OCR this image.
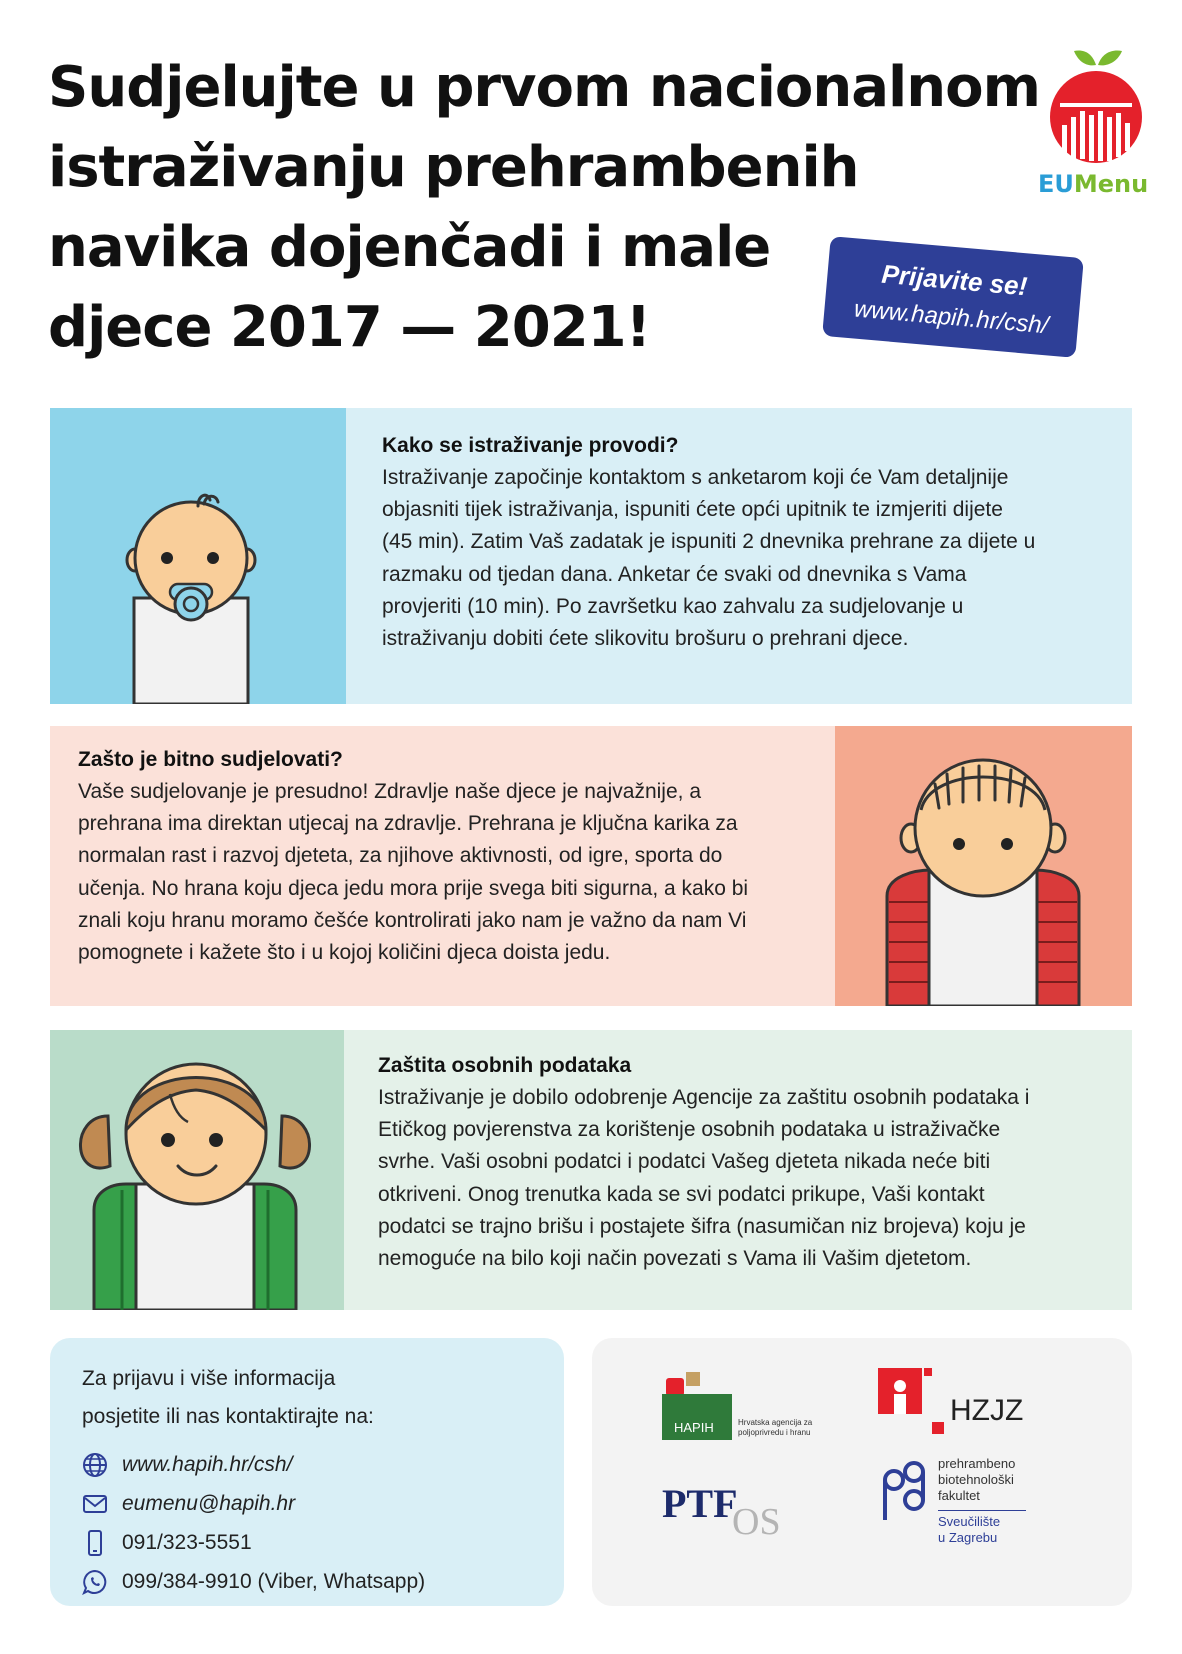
Sudjelujte u prvom nacionalnom
istraživanju prehrambenih
navika dojenčadi i male
djece 2017 — 2021!
EUMenu
Prijavite se!
www.hapih.hr/csh/

Kako se istraživanje provodi?

Istraživanje započinje kontaktom s anketarom koji će Vam detaljnije

objasniti tijek istraživanja, ispuniti ćete opći upitnik te izmjeriti dijete

(45 min). Zatim Vaš zadatak je ispuniti 2 dnevnika prehrane za dijete u

razmaku od tjedan dana. Anketar će svaki od dnevnika s Vama

provjeriti (10 min). Po završetku kao zahvalu za sudjelovanje u

istraživanju dobiti ćete slikovitu brošuru o prehrani djece.

Zašto je bitno sudjelovati?

Vaše sudjelovanje je presudno! Zdravlje naše djece je najvažnije, a

prehrana ima direktan utjecaj na zdravlje. Prehrana je ključna karika za

normalan rast i razvoj djeteta, za njihove aktivnosti, od igre, sporta do

učenja. No hrana koju djeca jedu mora prije svega biti sigurna, a kako bi

znali koju hranu moramo češće kontrolirati jako nam je važno da nam Vi

pomognete i kažete što i u kojoj količini djeca doista jedu.

Zaštita osobnih podataka

Istraživanje je dobilo odobrenje Agencije za zaštitu osobnih podataka i

Etičkog povjerenstva za korištenje osobnih podataka u istraživačke

svrhe. Vaši osobni podatci i podatci Vašeg djeteta nikada neće biti

otkriveni. Onog trenutka kada se svi podatci prikupe, Vaši kontakt

podatci se trajno brišu i postajete šifra (nasumičan niz brojeva) koju je

nemoguće na bilo koji način povezati s Vama ili Vašim djetetom.

Za prijavu i više informacija
posjetite ili nas kontaktirajte na:

www.hapih.hr/csh/
eumenu@hapih.hr
091/323-5551
099/384-9910 (Viber, Whatsapp)
HAPIH	Hrvatska agencija za
poljoprivredu i hranu
HZJZ
PTF
OS
prehrambeno
biotehnološki
fakultet
Sveučilište
u Zagrebu
